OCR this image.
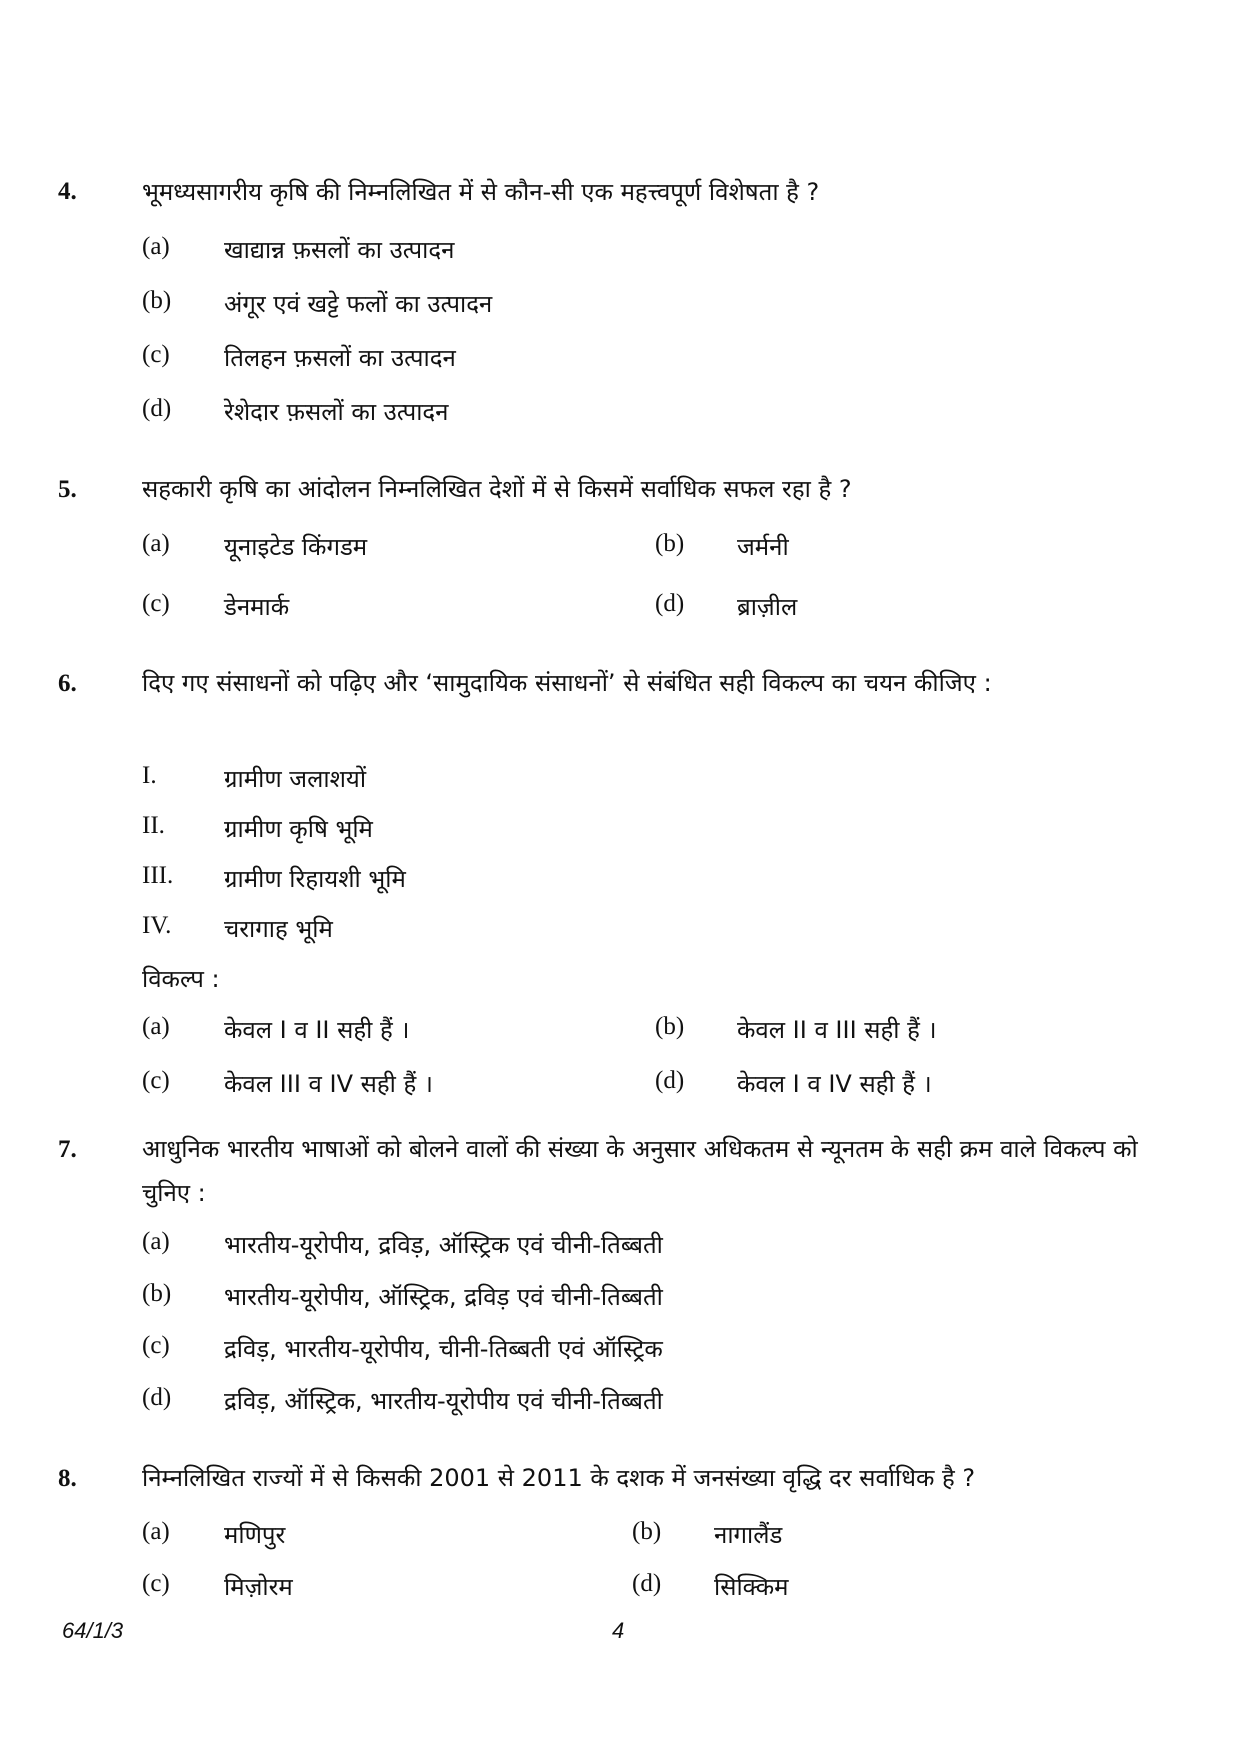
4.	भूमध्यसागरीय कृषि की निम्नलिखित में से कौन-सी एक महत्त्वपूर्ण विशेषता है ?
(a) खाद्यान्न फ़सलों का उत्पादन
(b) अंगूर एवं खट्टे फलों का उत्पादन
(c) तिलहन फ़सलों का उत्पादन
(d) रेशेदार फ़सलों का उत्पादन
5.	सहकारी कृषि का आंदोलन निम्नलिखित देशों में से किसमें सर्वाधिक सफल रहा है ?
(a) यूनाइटेड किंगडम	(b) जर्मनी
(c) डेनमार्क	(d) ब्राज़ील
6.	दिए गए संसाधनों को पढ़िए और ‘सामुदायिक संसाधनों’ से संबंधित सही विकल्प का चयन कीजिए :
I.	ग्रामीण जलाशयों
II. ग्रामीण कृषि भूमि
III. ग्रामीण रिहायशी भूमि
IV. चरागाह भूमि
विकल्प :
(a) केवल I व II सही हैं ।	(b) केवल II व III सही हैं ।
(c) केवल III व IV सही हैं ।	(d) केवल I व IV सही हैं ।
7.	आधुनिक भारतीय भाषाओं को बोलने वालों की संख्या के अनुसार अधिकतम से न्यूनतम के सही क्रम वाले विकल्प को चुनिए :
(a) भारतीय-यूरोपीय, द्रविड़, ऑस्ट्रिक एवं चीनी-तिब्बती
(b) भारतीय-यूरोपीय, ऑस्ट्रिक, द्रविड़ एवं चीनी-तिब्बती
(c) द्रविड़, भारतीय-यूरोपीय, चीनी-तिब्बती एवं ऑस्ट्रिक
(d) द्रविड़, ऑस्ट्रिक, भारतीय-यूरोपीय एवं चीनी-तिब्बती
8.	निम्नलिखित राज्यों में से किसकी 2001 से 2011 के दशक में जनसंख्या वृद्धि दर सर्वाधिक है ?
(a) मणिपुर	(b) नागालैंड
(c) मिज़ोरम	(d) सिक्किम
64/1/3	4
